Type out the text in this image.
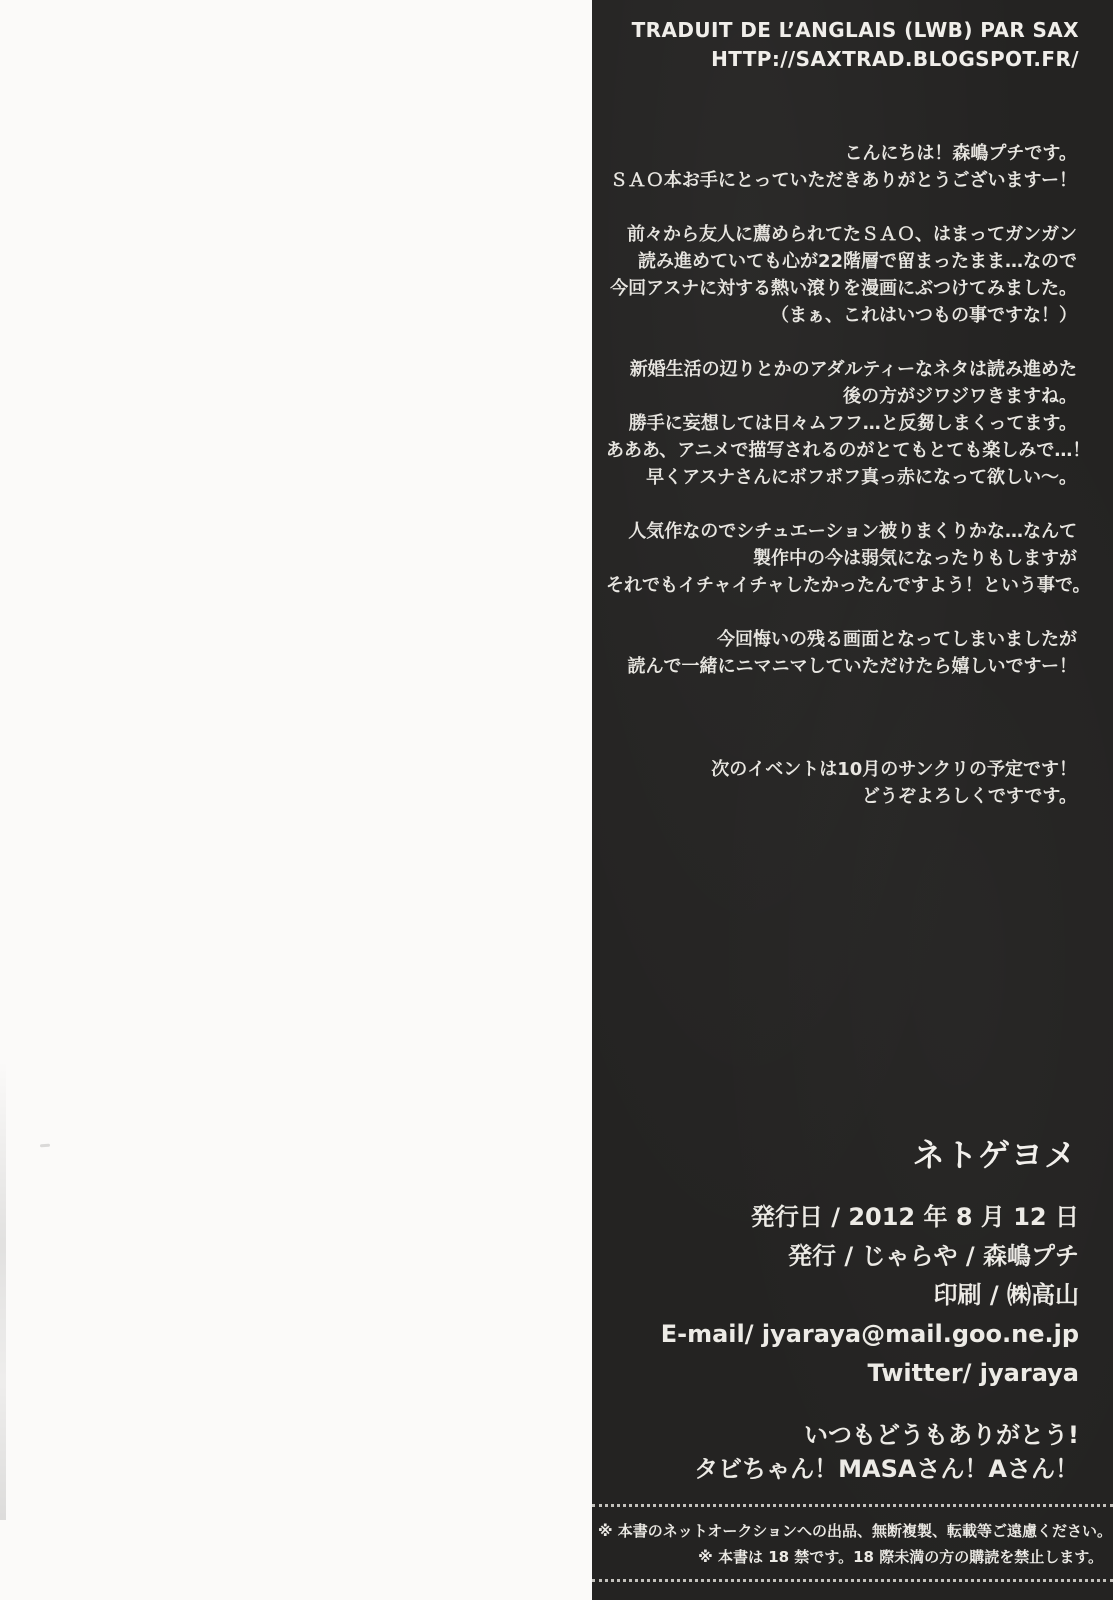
TRADUIT DE L’ANGLAIS (LWB) PAR SAX
HTTP://SAXTRAD.BLOGSPOT.FR/
こんにちは！森嶋プチです。
ＳＡＯ本お手にとっていただきありがとうございますー！
前々から友人に薦められてたＳＡＯ、はまってガンガン
読み進めていても心が22階層で留まったまま…なので
今回アスナに対する熱い滾りを漫画にぶつけてみました。
（まぁ、これはいつもの事ですな！）
新婚生活の辺りとかのアダルティーなネタは読み進めた
後の方がジワジワきますね。
勝手に妄想しては日々ムフフ…と反芻しまくってます。
あああ、アニメで描写されるのがとてもとても楽しみで…！
早くアスナさんにボフボフ真っ赤になって欲しい～。
人気作なのでシチュエーション被りまくりかな…なんて
製作中の今は弱気になったりもしますが
それでもイチャイチャしたかったんですよう！という事で。
今回悔いの残る画面となってしまいましたが
読んで一緒にニマニマしていただけたら嬉しいですー！
次のイベントは10月のサンクリの予定です！
どうぞよろしくですです。
ネトゲヨメ
発行日 / 2012 年 8 月 12 日
発行 / じゃらや / 森嶋プチ
印刷 / ㈱高山
E-mail/ jyaraya@mail.goo.ne.jp
Twitter/ jyaraya
いつもどうもありがとう!
タビちゃん！MASAさん！Aさん！
※ 本書のネットオークションへの出品、無断複製、転載等ご遠慮ください。
※ 本書は 18 禁です。18 際未満の方の購読を禁止します。
